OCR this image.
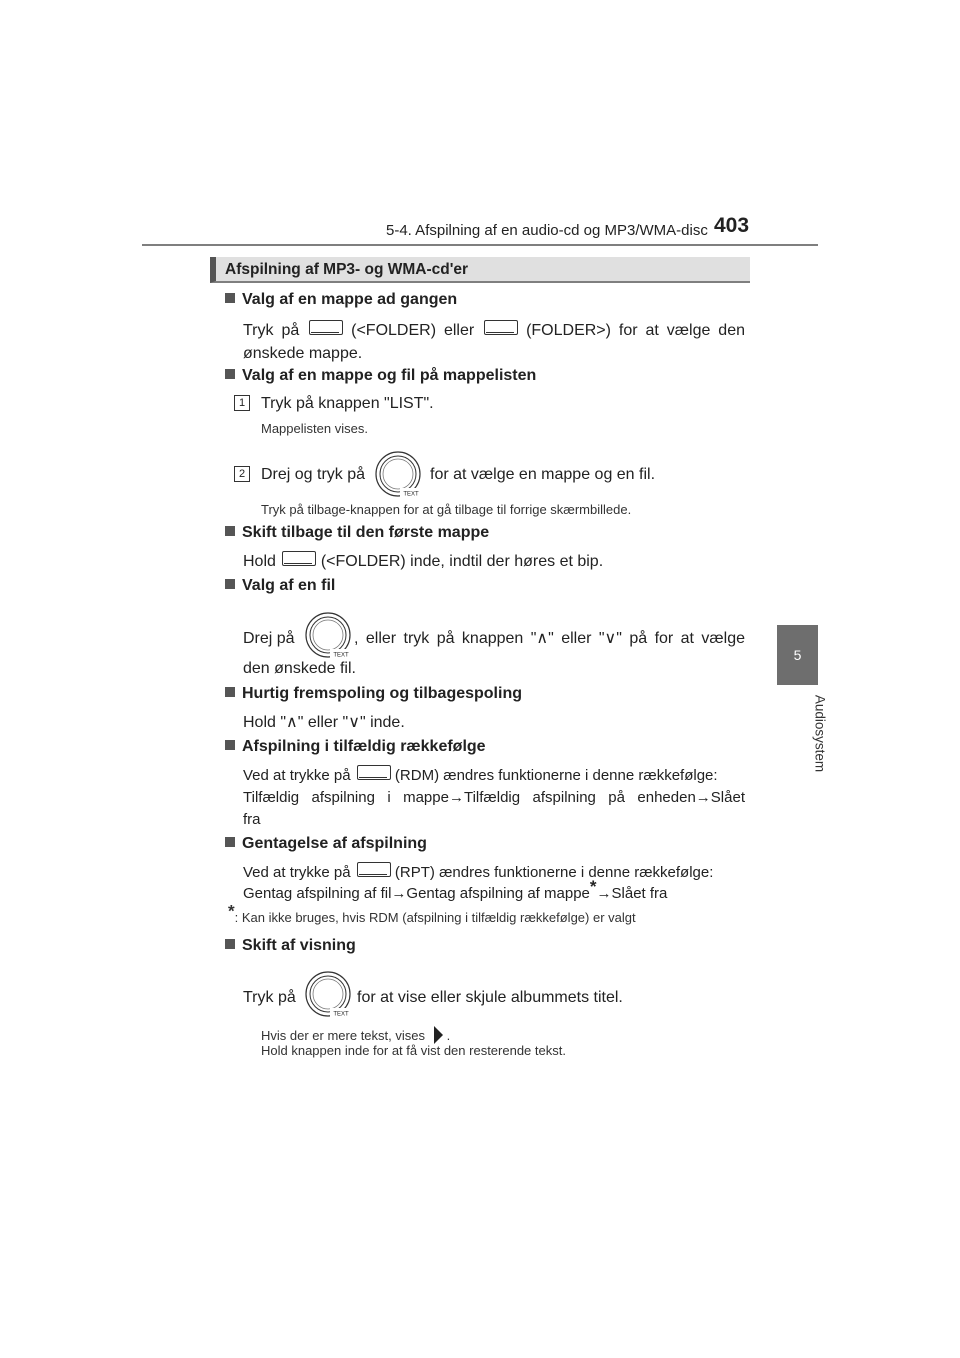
5-4. Afspilning af en audio-cd og MP3/WMA-disc 403
5
Audiosystem
Afspilning af MP3- og WMA-cd'er
Valg af en mappe ad gangen
Tryk på	(<FOLDER) eller	(FOLDER>) for at vælge den
ønskede mappe.
Valg af en mappe og fil på mappelisten
1 Tryk på knappen "LIST".
Mappelisten vises.
2 Drej og tryk på
TEXT
for at vælge en mappe og en fil.
Tryk på tilbage-knappen for at gå tilbage til forrige skærmbillede.
Skift tilbage til den første mappe
Hold	(<FOLDER) inde, indtil der høres et bip.
Valg af en fil
Drej på
TEXT
, eller tryk på knappen "∧" eller "∨" på for at vælge
den ønskede fil.
Hurtig fremspoling og tilbagespoling
Hold "∧" eller "∨" inde.
Afspilning i tilfældig rækkefølge
Ved at trykke på	(RDM) ændres funktionerne i denne rækkefølge:
Tilfældig afspilning i mappe→Tilfældig afspilning på enheden→Slået
fra
Gentagelse af afspilning
Ved at trykke på	(RPT) ændres funktionerne i denne rækkefølge:
Gentag afspilning af fil→Gentag afspilning af mappe*→Slået fra
*: Kan ikke bruges, hvis RDM (afspilning i tilfældig rækkefølge) er valgt
Skift af visning
Tryk på
TEXT
for at vise eller skjule albummets titel.
Hvis der er mere tekst, vises .
Hold knappen inde for at få vist den resterende tekst.
